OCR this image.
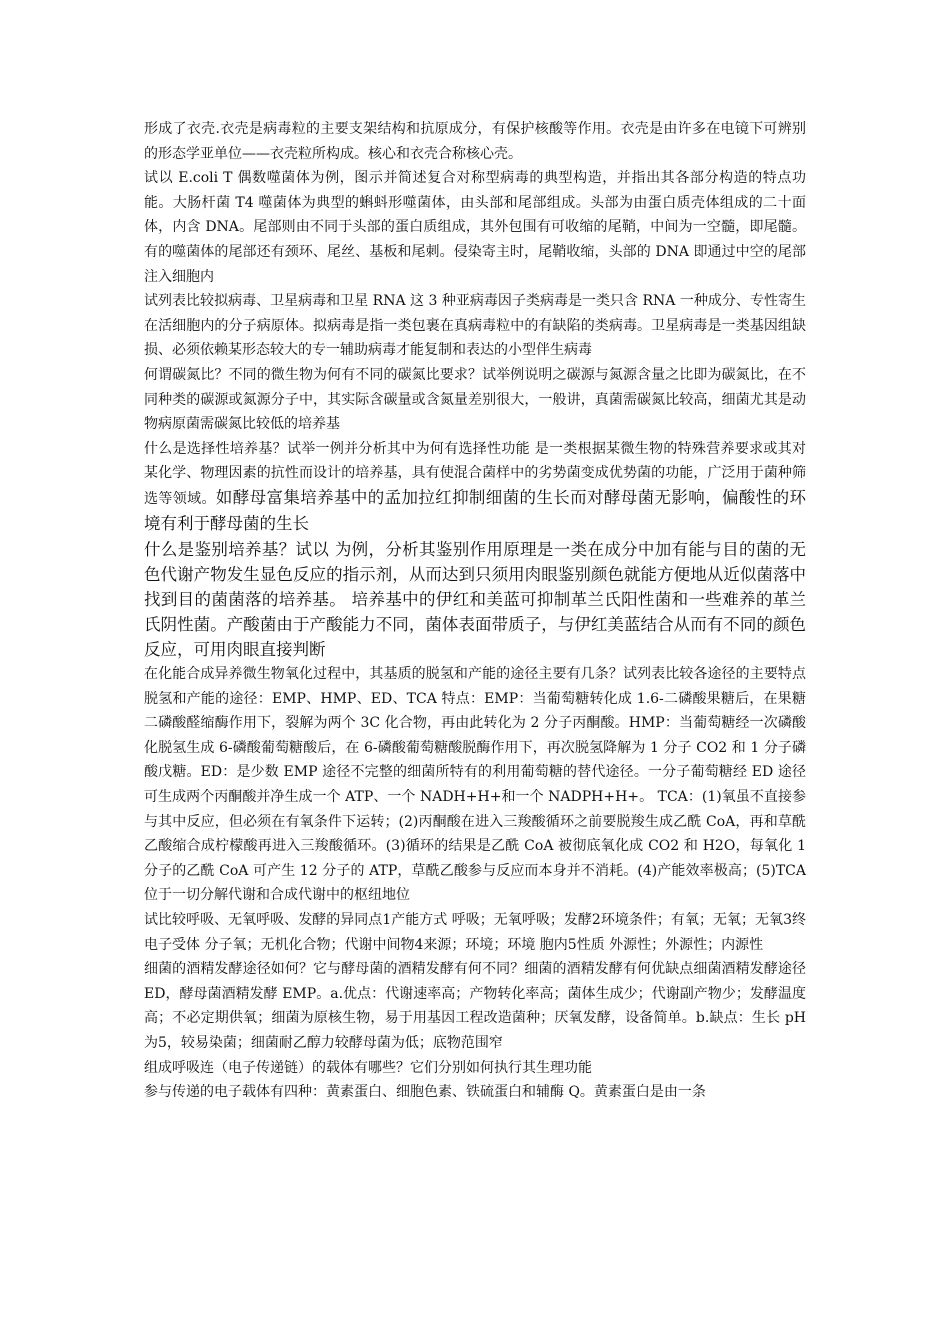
形成了衣壳.衣壳是病毒粒的主要支架结构和抗原成分，有保护核酸等作用。衣壳是由许多在电镜下可辨别的形态学亚单位——衣壳粒所构成。核心和衣壳合称核心壳。

试以 E.coli T 偶数噬菌体为例，图示并简述复合对称型病毒的典型构造，并指出其各部分构造的特点功能。大肠杆菌 T4 噬菌体为典型的蝌蚪形噬菌体，由头部和尾部组成。头部为由蛋白质壳体组成的二十面体，内含 DNA。尾部则由不同于头部的蛋白质组成，其外包围有可收缩的尾鞘，中间为一空髓，即尾髓。有的噬菌体的尾部还有颈环、尾丝、基板和尾刺。侵染寄主时，尾鞘收缩，头部的 DNA 即通过中空的尾部注入细胞内

试列表比较拟病毒、卫星病毒和卫星 RNA 这 3 种亚病毒因子类病毒是一类只含 RNA 一种成分、专性寄生在活细胞内的分子病原体。拟病毒是指一类包裹在真病毒粒中的有缺陷的类病毒。卫星病毒是一类基因组缺损、必须依赖某形态较大的专一辅助病毒才能复制和表达的小型伴生病毒

何谓碳氮比？不同的微生物为何有不同的碳氮比要求？试举例说明之碳源与氮源含量之比即为碳氮比，在不同种类的碳源或氮源分子中，其实际含碳量或含氮量差别很大，一般讲，真菌需碳氮比较高，细菌尤其是动物病原菌需碳氮比较低的培养基

什么是选择性培养基？试举一例并分析其中为何有选择性功能 是一类根据某微生物的特殊营养要求或其对某化学、物理因素的抗性而设计的培养基，具有使混合菌样中的劣势菌变成优势菌的功能，广泛用于菌种筛选等领域。如酵母富集培养基中的孟加拉红抑制细菌的生长而对酵母菌无影响，偏酸性的环境有利于酵母菌的生长

什么是鉴别培养基？试以 为例，分析其鉴别作用原理是一类在成分中加有能与目的菌的无色代谢产物发生显色反应的指示剂，从而达到只须用肉眼鉴别颜色就能方便地从近似菌落中找到目的菌菌落的培养基。 培养基中的伊红和美蓝可抑制革兰氏阳性菌和一些难养的革兰氏阴性菌。产酸菌由于产酸能力不同，菌体表面带质子，与伊红美蓝结合从而有不同的颜色反应，可用肉眼直接判断

在化能合成异养微生物氧化过程中，其基质的脱氢和产能的途径主要有几条？试列表比较各途径的主要特点脱氢和产能的途径：EMP、HMP、ED、TCA 特点：EMP：当葡萄糖转化成 1.6-二磷酸果糖后，在果糖二磷酸醛缩酶作用下，裂解为两个 3C 化合物，再由此转化为 2 分子丙酮酸。HMP：当葡萄糖经一次磷酸化脱氢生成 6-磷酸葡萄糖酸后，在 6-磷酸葡萄糖酸脱酶作用下，再次脱氢降解为 1 分子 CO2 和 1 分子磷酸戊糖。ED：是少数 EMP 途径不完整的细菌所特有的利用葡萄糖的替代途径。一分子葡萄糖经 ED 途径可生成两个丙酮酸并净生成一个 ATP、一个 NADH+H+和一个 NADPH+H+。 TCA：(1)氧虽不直接参与其中反应，但必须在有氧条件下运转；(2)丙酮酸在进入三羧酸循环之前要脱羧生成乙酰 CoA，再和草酰乙酸缩合成柠檬酸再进入三羧酸循环。(3)循环的结果是乙酰 CoA 被彻底氧化成 CO2 和 H2O，每氧化 1 分子的乙酰 CoA 可产生 12 分子的 ATP，草酰乙酸参与反应而本身并不消耗。(4)产能效率极高；(5)TCA 位于一切分解代谢和合成代谢中的枢纽地位

试比较呼吸、无氧呼吸、发酵的异同点1产能方式 呼吸；无氧呼吸；发酵2环境条件；有氧；无氧；无氧3终电子受体 分子氧；无机化合物；代谢中间物4来源；环境；环境 胞内5性质 外源性；外源性；内源性

细菌的酒精发酵途径如何？它与酵母菌的酒精发酵有何不同？细菌的酒精发酵有何优缺点细菌酒精发酵途径 ED，酵母菌酒精发酵 EMP。a.优点：代谢速率高；产物转化率高；菌体生成少；代谢副产物少；发酵温度高；不必定期供氧；细菌为原核生物，易于用基因工程改造菌种；厌氧发酵，设备简单。b.缺点：生长 pH 为5，较易染菌；细菌耐乙醇力较酵母菌为低；底物范围窄

组成呼吸连（电子传递链）的载体有哪些？它们分别如何执行其生理功能

参与传递的电子载体有四种：黄素蛋白、细胞色素、铁硫蛋白和辅酶 Q。黄素蛋白是由一条
